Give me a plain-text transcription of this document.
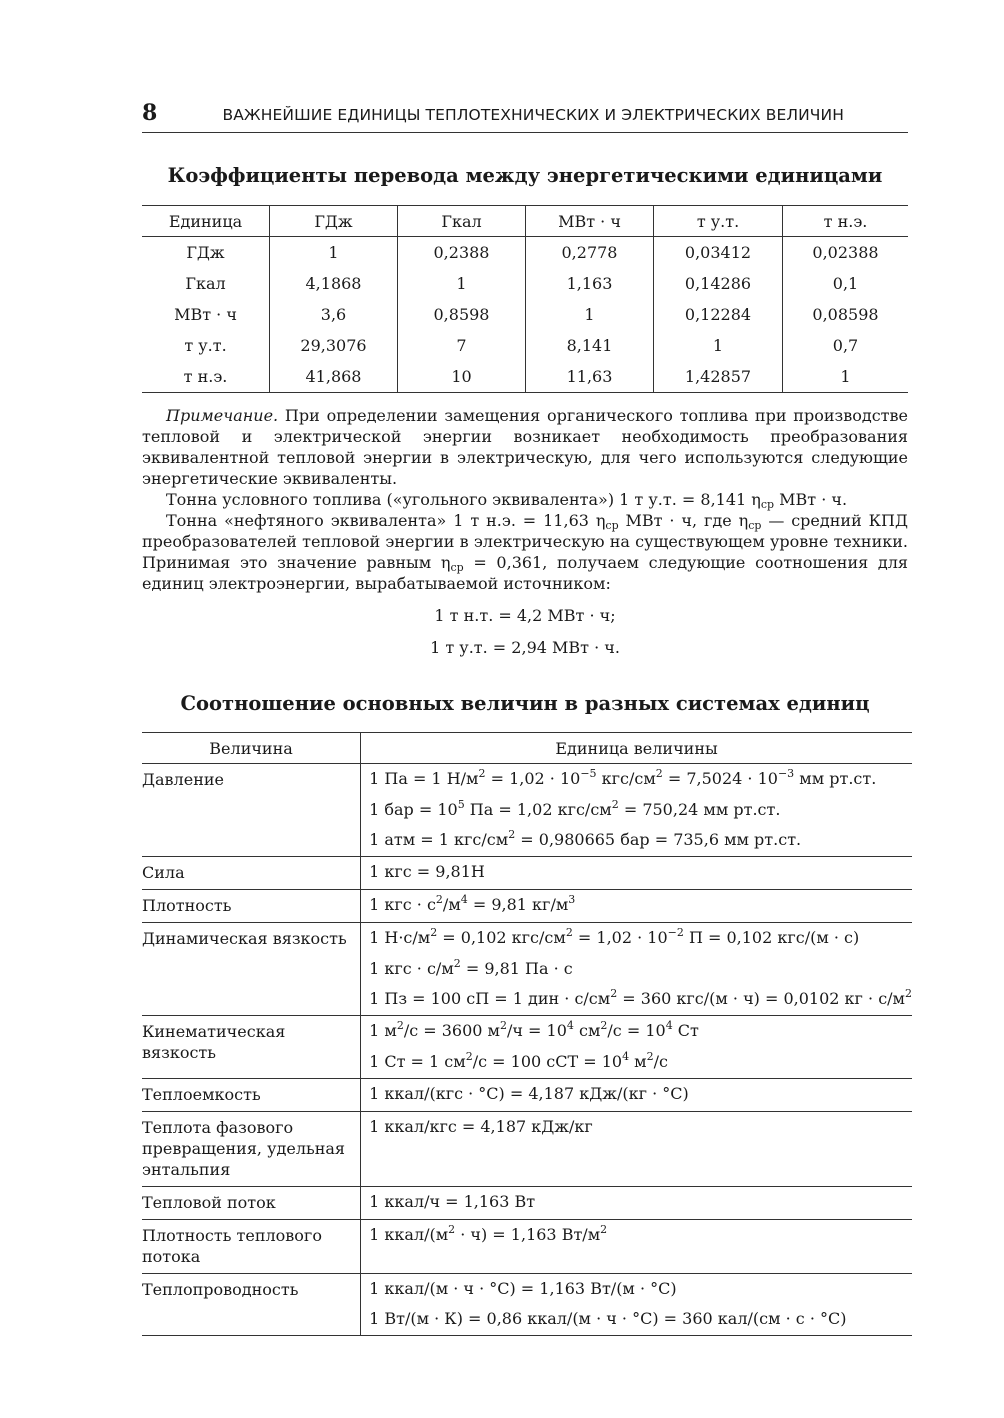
8	ВАЖНЕЙШИЕ ЕДИНИЦЫ ТЕПЛОТЕХНИЧЕСКИХ И ЭЛЕКТРИЧЕСКИХ ВЕЛИЧИН
Коэффициенты перевода между энергетическими единицами
Единица	ГДж	Гкал	МВт · ч	т у.т.	т н.э.
ГДж	1	0,2388	0,2778	0,03412	0,02388
Гкал	4,1868	1	1,163	0,14286	0,1
МВт · ч	3,6	0,8598	1	0,12284	0,08598
т у.т.	29,3076	7	8,141	1	0,7
т н.э.	41,868	10	11,63	1,42857	1

Примечание. При определении замещения органического топлива при производстве тепловой и электрической энергии возникает необходимость преобразования эквивалентной тепловой энергии в электрическую, для чего используются следующие энергетические эквиваленты.

Тонна условного топлива («угольного эквивалента») 1 т у.т. = 8,141 $\eta_{ср}$ МВт · ч.

Тонна «нефтяного эквивалента» 1 т н.э. = 11,63 $\eta_{ср}$ МВт · ч, где $\eta_{ср}$ — средний КПД преобразователей тепловой энергии в электрическую на существующем уровне техники. Принимая это значение равным $\eta_{ср} = 0,361$, получаем следующие соотношения для единиц электроэнергии, вырабатываемой источником:

1 т н.т. = 4,2 МВт · ч;
1 т у.т. = 2,94 МВт · ч.
Соотношение основных величин в разных системах единиц
Величина	Единица величины
Давление	1 Па = 1 $Н/м^2 = 1,02 \cdot 10^{-5}$ кгс/$см^2 = 7,5024 \cdot 10^{-3}$ мм рт.ст.
1 бар = $10^5$ Па = 1,02 кгс/$см^2 = 750,24$ мм рт.ст.
1 атм = 1 кгс/$см^2 = 0,980665$ бар = 735,6 мм рт.ст.

Сила	1 кгс = 9,81Н

Плотность	1 кгс · $с^2/м^4 = 9,81$ $кг/м^3$

Динамическая вязкость	1 $Н\cdot с/м^2 = 0,102$ кгс/$см^2 = 1,02 \cdot 10^{-2}$ П = 0,102 кгс/(м · с)
1 кгс · $с/м^2 = 9,81$ Па · с
1 Пз = 100 сП = 1 дин · $с/см^2 = 360$ кгс/(м · ч) = 0,0102 кг · $с/м^2$

Кинематическая вязкость	1 $м^2/с = 3600$ $м^2/ч = 10^4$ $см^2/с = 10^4$ Ст
1 Ст = 1 $см^2/с = 100$ сСТ = $10^4$ $м^2/с$

Теплоемкость	1 ккал/(кгс · °С) = 4,187 кДж/(кг · °С)

Теплота фазового превращения, удельная энтальпия	1 ккал/кгс = 4,187 кДж/кг

Тепловой поток	1 ккал/ч = 1,163 Вт

Плотность теплового потока	1 ккал/$(м^2 \cdot ч) = 1,163$ $Вт/м^2$

Теплопроводность	1 ккал/(м · ч · °С) = 1,163 Вт/(м · °С)
1 Вт/(м · К) = 0,86 ккал/(м · ч · °С) = 360 кал/(см · с · °С)
